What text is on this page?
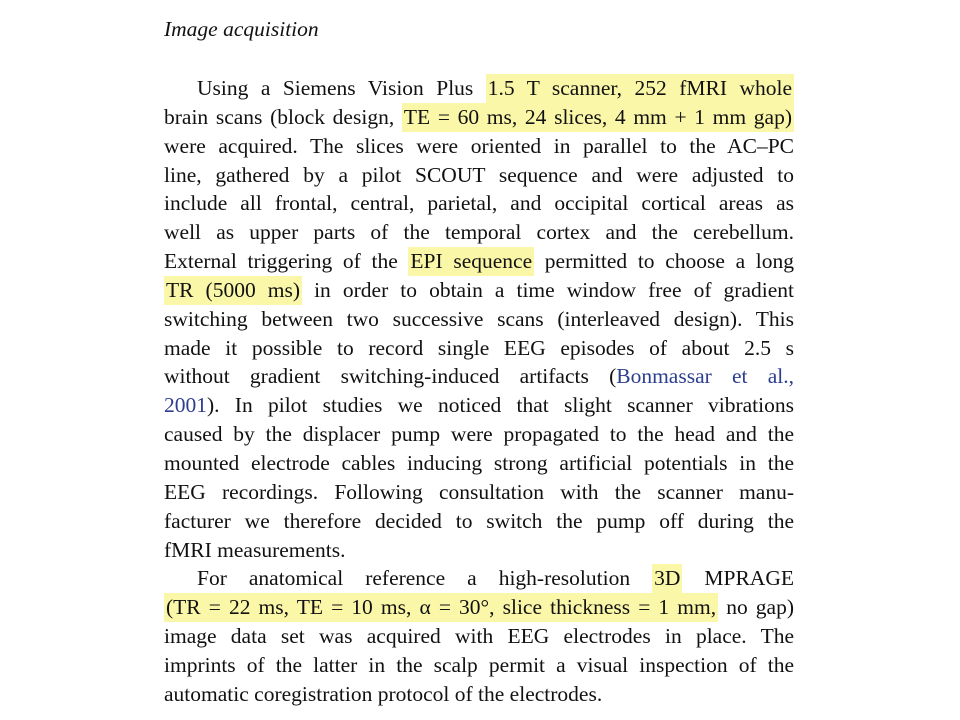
Image acquisition
Using a Siemens Vision Plus 1.5 T scanner, 252 fMRI whole
brain scans (block design, TE = 60 ms, 24 slices, 4 mm + 1 mm gap)
were acquired. The slices were oriented in parallel to the AC–PC
line, gathered by a pilot SCOUT sequence and were adjusted to
include all frontal, central, parietal, and occipital cortical areas as
well as upper parts of the temporal cortex and the cerebellum.
External triggering of the EPI sequence permitted to choose a long
TR (5000 ms) in order to obtain a time window free of gradient
switching between two successive scans (interleaved design). This
made it possible to record single EEG episodes of about 2.5 s
without gradient switching-induced artifacts (Bonmassar et al.,
2001). In pilot studies we noticed that slight scanner vibrations
caused by the displacer pump were propagated to the head and the
mounted electrode cables inducing strong artificial potentials in the
EEG recordings. Following consultation with the scanner manu-
facturer we therefore decided to switch the pump off during the
fMRI measurements.
For anatomical reference a high-resolution 3D MPRAGE
(TR = 22 ms, TE = 10 ms, α = 30°, slice thickness = 1 mm, no gap)
image data set was acquired with EEG electrodes in place. The
imprints of the latter in the scalp permit a visual inspection of the
automatic coregistration protocol of the electrodes.
